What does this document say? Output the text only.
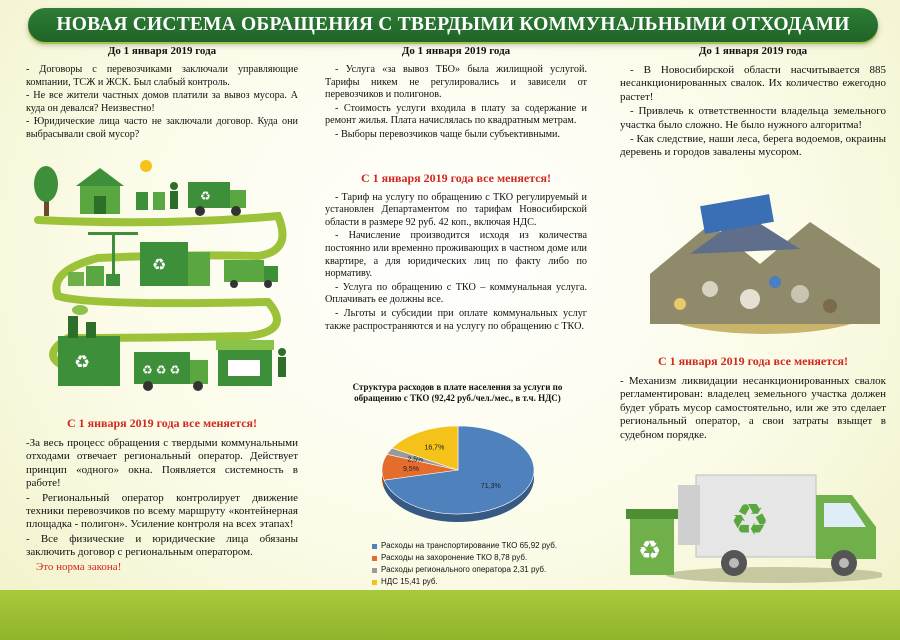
НОВАЯ СИСТЕМА ОБРАЩЕНИЯ С ТВЕРДЫМИ КОММУНАЛЬНЫМИ ОТХОДАМИ
До 1 января 2019 года
- Договоры с перевозчиками заключали управляющие компании, ТСЖ и ЖСК. Был слабый контроль.
- Не все жители частных домов платили за вывоз мусора. А куда он девался? Неизвестно!
- Юридические лица часто не заключали договор. Куда они выбрасывали свой мусор?
♻
♻
♻	♻ ♻ ♻
С 1 января 2019 года все меняется!
-За весь процесс обращения с твердыми коммунальными отходами отвечает региональный оператор. Действует принцип «одного» окна. Появляется системность в работе!
- Региональный оператор контролирует движение техники перевозчиков по всему маршруту «контейнерная площадка - полигон». Усиление контроля на всех этапах!
- Все физические и юридические лица обязаны заключить договор с региональным оператором.
Это норма закона!
До 1 января 2019 года
- Услуга «за вывоз ТБО» была жилищной услугой. Тарифы никем не регулировались и зависели от перевозчиков и полигонов.
- Стоимость услуги входила в плату за содержание и ремонт жилья. Плата начислялась по квадратным метрам.
- Выборы перевозчиков чаще были субъективными.
С 1 января 2019 года все меняется!
- Тариф на услугу по обращению с ТКО регулируемый и установлен Департаментом по тарифам Новосибирской области в размере 92 руб. 42 коп., включая НДС.
- Начисление производится исходя из количества постоянно или временно проживающих в частном доме или квартире, а для юридических лиц по факту либо по нормативу.
- Услуга по обращению с ТКО – коммунальная услуга. Оплачивать ее должны все.
- Льготы и субсидии при оплате коммунальных услуг также распространяются и на услугу по обращению с ТКО.
Структура расходов в плате населения за услуги по обращению с ТКО (92,42 руб./чел./мес., в т.ч. НДС)
71,3%
9,5%
2,5%
16,7%
Расходы на транспортирование ТКО 65,92 руб.
Расходы на захоронение ТКО 8,78 руб.
Расходы регионального оператора 2,31 руб.
НДС 15,41 руб.
До 1 января 2019 года
- В Новосибирской области насчитывается 885 несанкционированных свалок. Их количество ежегодно растет!
- Привлечь к ответственности владельца земельного участка было сложно. Не было нужного алгоритма!
- Как следствие, наши леса, берега водоемов, окраины деревень и городов завалены мусором.
С 1 января 2019 года все меняется!
- Механизм ликвидации несанкционированных свалок регламентирован: владелец земельного участка должен будет убрать мусор самостоятельно, или же это сделает региональный оператор, а свои затраты взыщет в судебном порядке.
♻
♻
